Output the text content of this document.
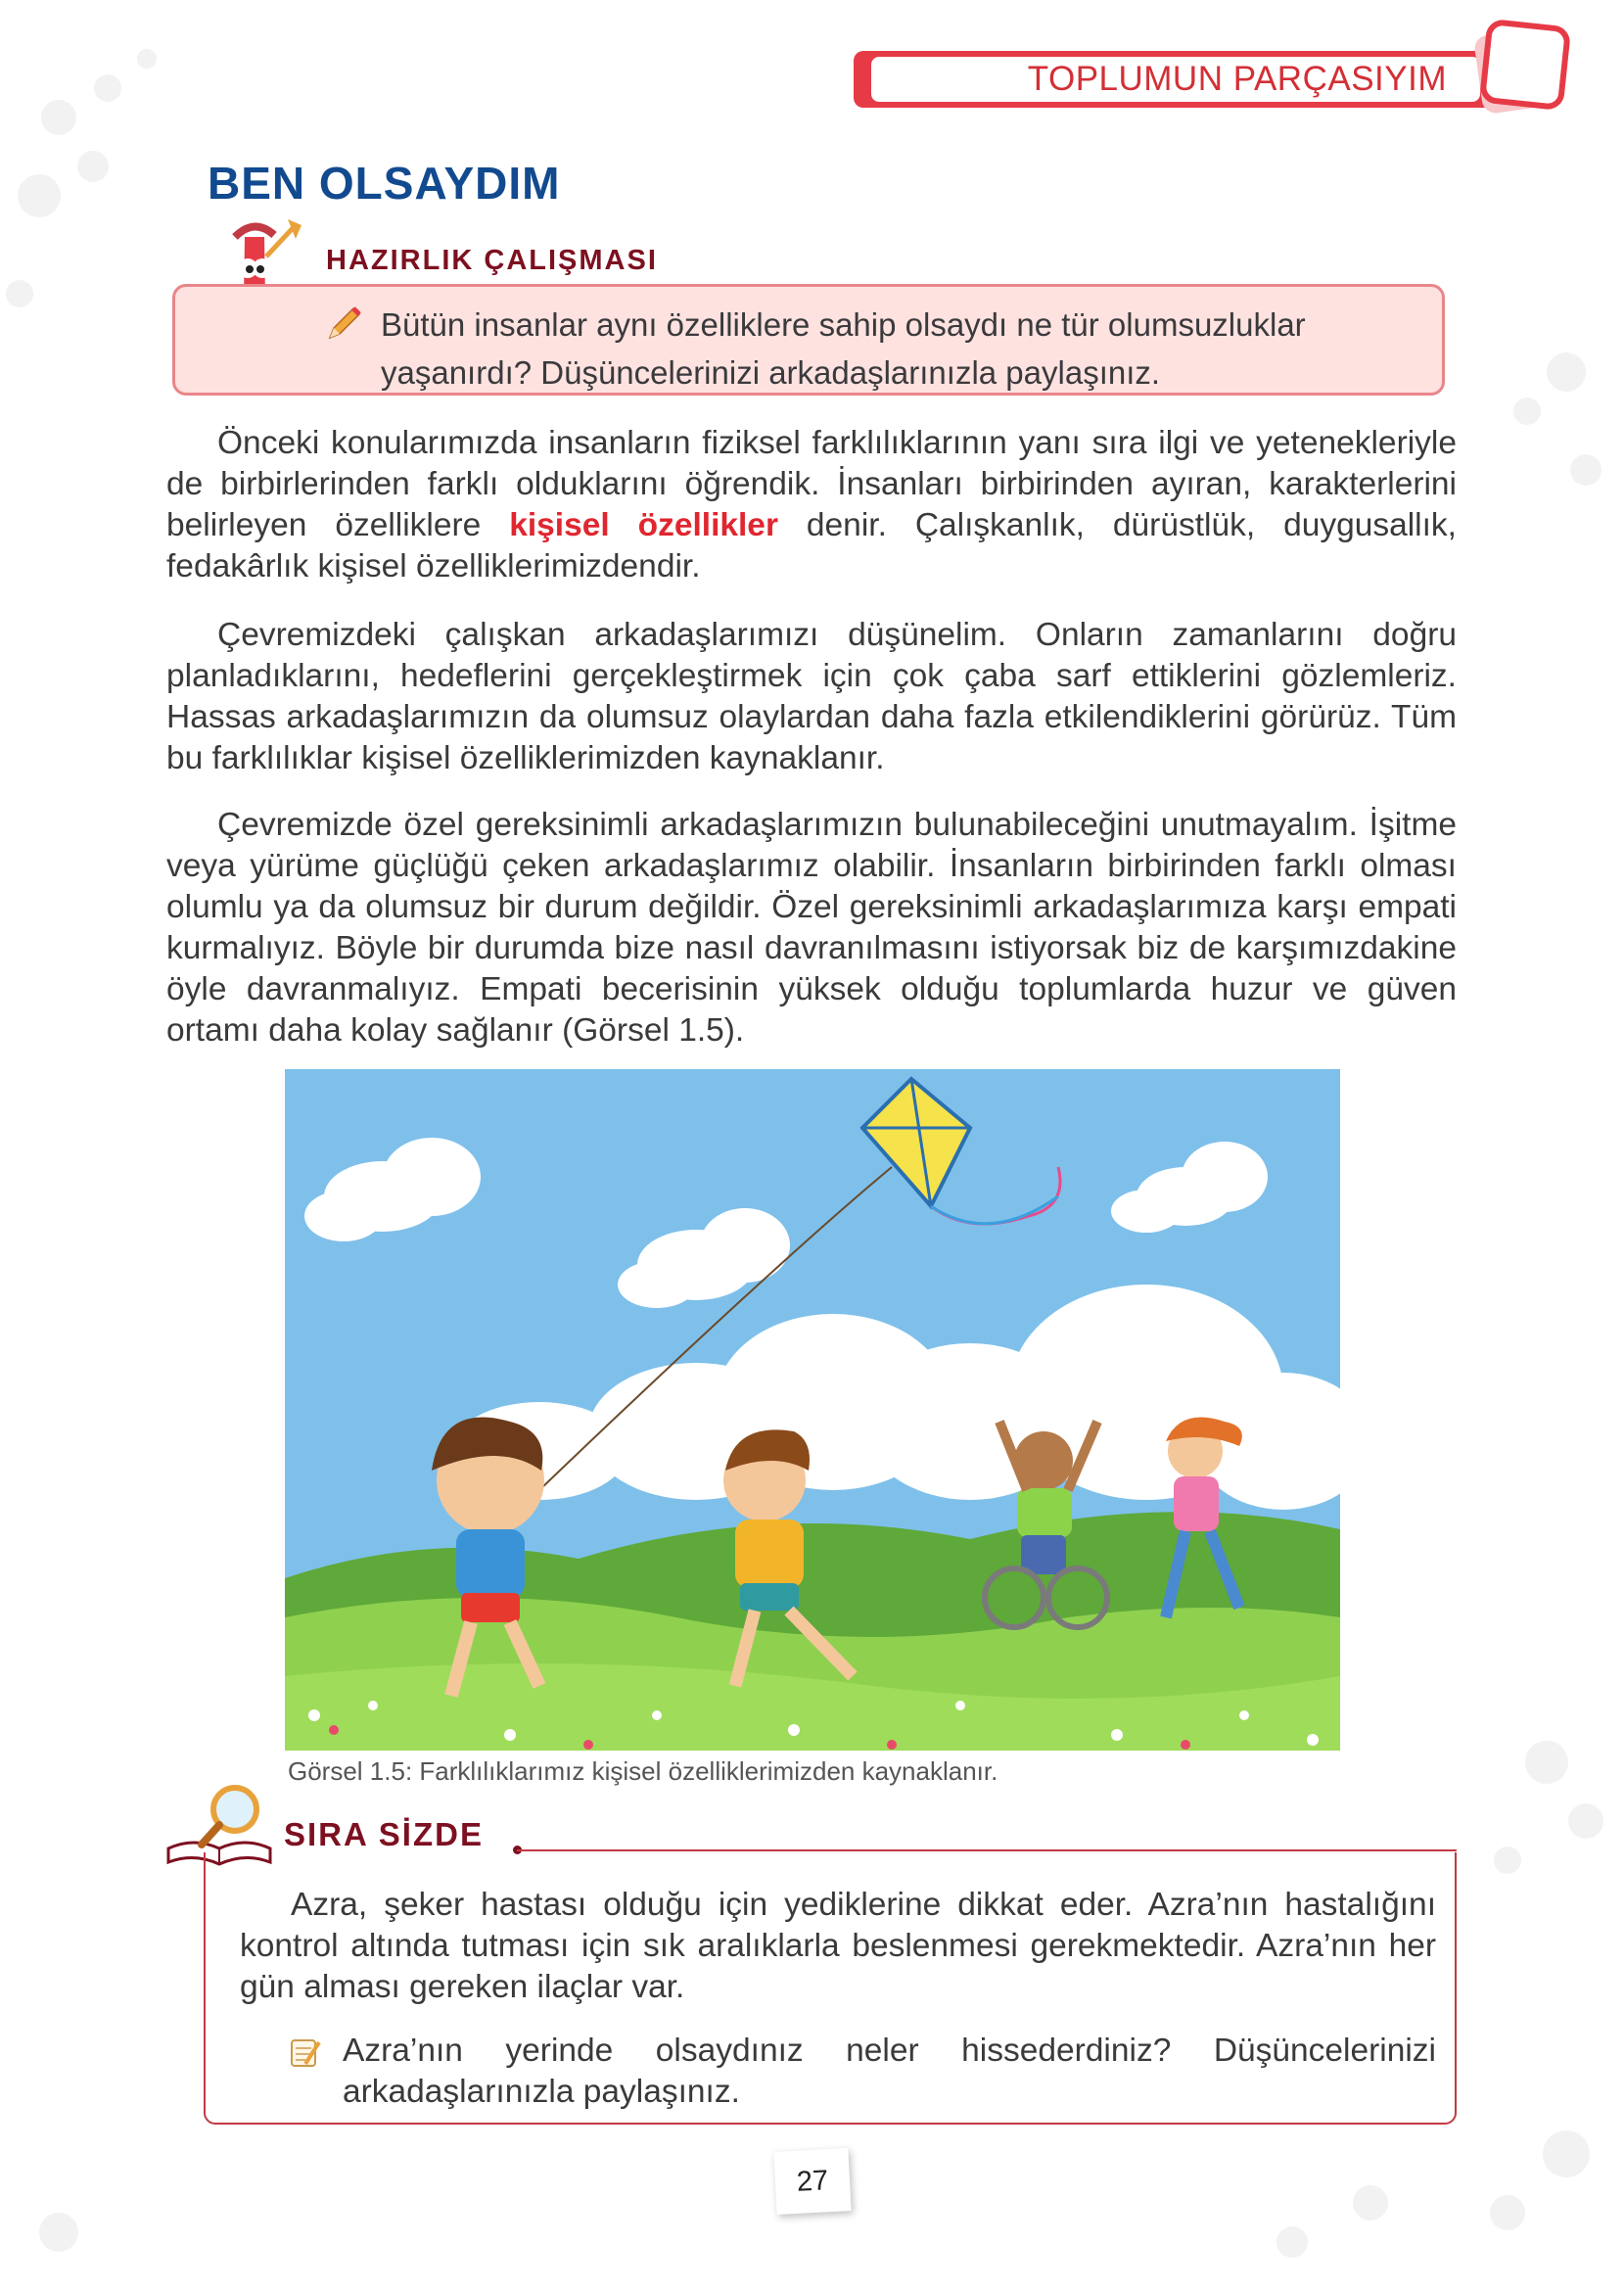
TOPLUMUN PARÇASIYIM
BEN OLSAYDIM
HAZIRLIK ÇALIŞMASI
Bütün insanlar aynı özelliklere sahip olsaydı ne tür olumsuzluklar yaşanırdı? Düşüncelerinizi arkadaşlarınızla paylaşınız.
Önceki konularımızda insanların fiziksel farklılıklarının yanı sıra ilgi ve yetenekleriyle de birbirlerinden farklı olduklarını öğrendik. İnsanları birbirinden ayıran, karakterlerini belirleyen özelliklere kişisel özellikler denir. Çalışkanlık, dürüstlük, duygusallık, fedakârlık kişisel özelliklerimizdendir.
Çevremizdeki çalışkan arkadaşlarımızı düşünelim. Onların zamanlarını doğru planladıklarını, hedeflerini gerçekleştirmek için çok çaba sarf ettiklerini gözlemleriz. Hassas arkadaşlarımızın da olumsuz olaylardan daha fazla etkilendiklerini görürüz. Tüm bu farklılıklar kişisel özelliklerimizden kaynaklanır.
Çevremizde özel gereksinimli arkadaşlarımızın bulunabileceğini unutmayalım. İşitme veya yürüme güçlüğü çeken arkadaşlarımız olabilir. İnsanların birbirinden farklı olması olumlu ya da olumsuz bir durum değildir. Özel gereksinimli arkadaşlarımıza karşı empati kurmalıyız. Böyle bir durumda bize nasıl davranılmasını istiyorsak biz de karşımızdakine öyle davranmalıyız. Empati becerisinin yüksek olduğu toplumlarda huzur ve güven ortamı daha kolay sağlanır (Görsel 1.5).
Görsel 1.5: Farklılıklarımız kişisel özelliklerimizden kaynaklanır.
SIRA SİZDE
Azra, şeker hastası olduğu için yediklerine dikkat eder. Azra’nın hastalığını kontrol altında tutması için sık aralıklarla beslenmesi gerekmektedir. Azra’nın her gün alması gereken ilaçlar var.
Azra’nın yerinde olsaydınız neler hissederdiniz? Düşüncelerinizi arkadaşlarınızla paylaşınız.
27
